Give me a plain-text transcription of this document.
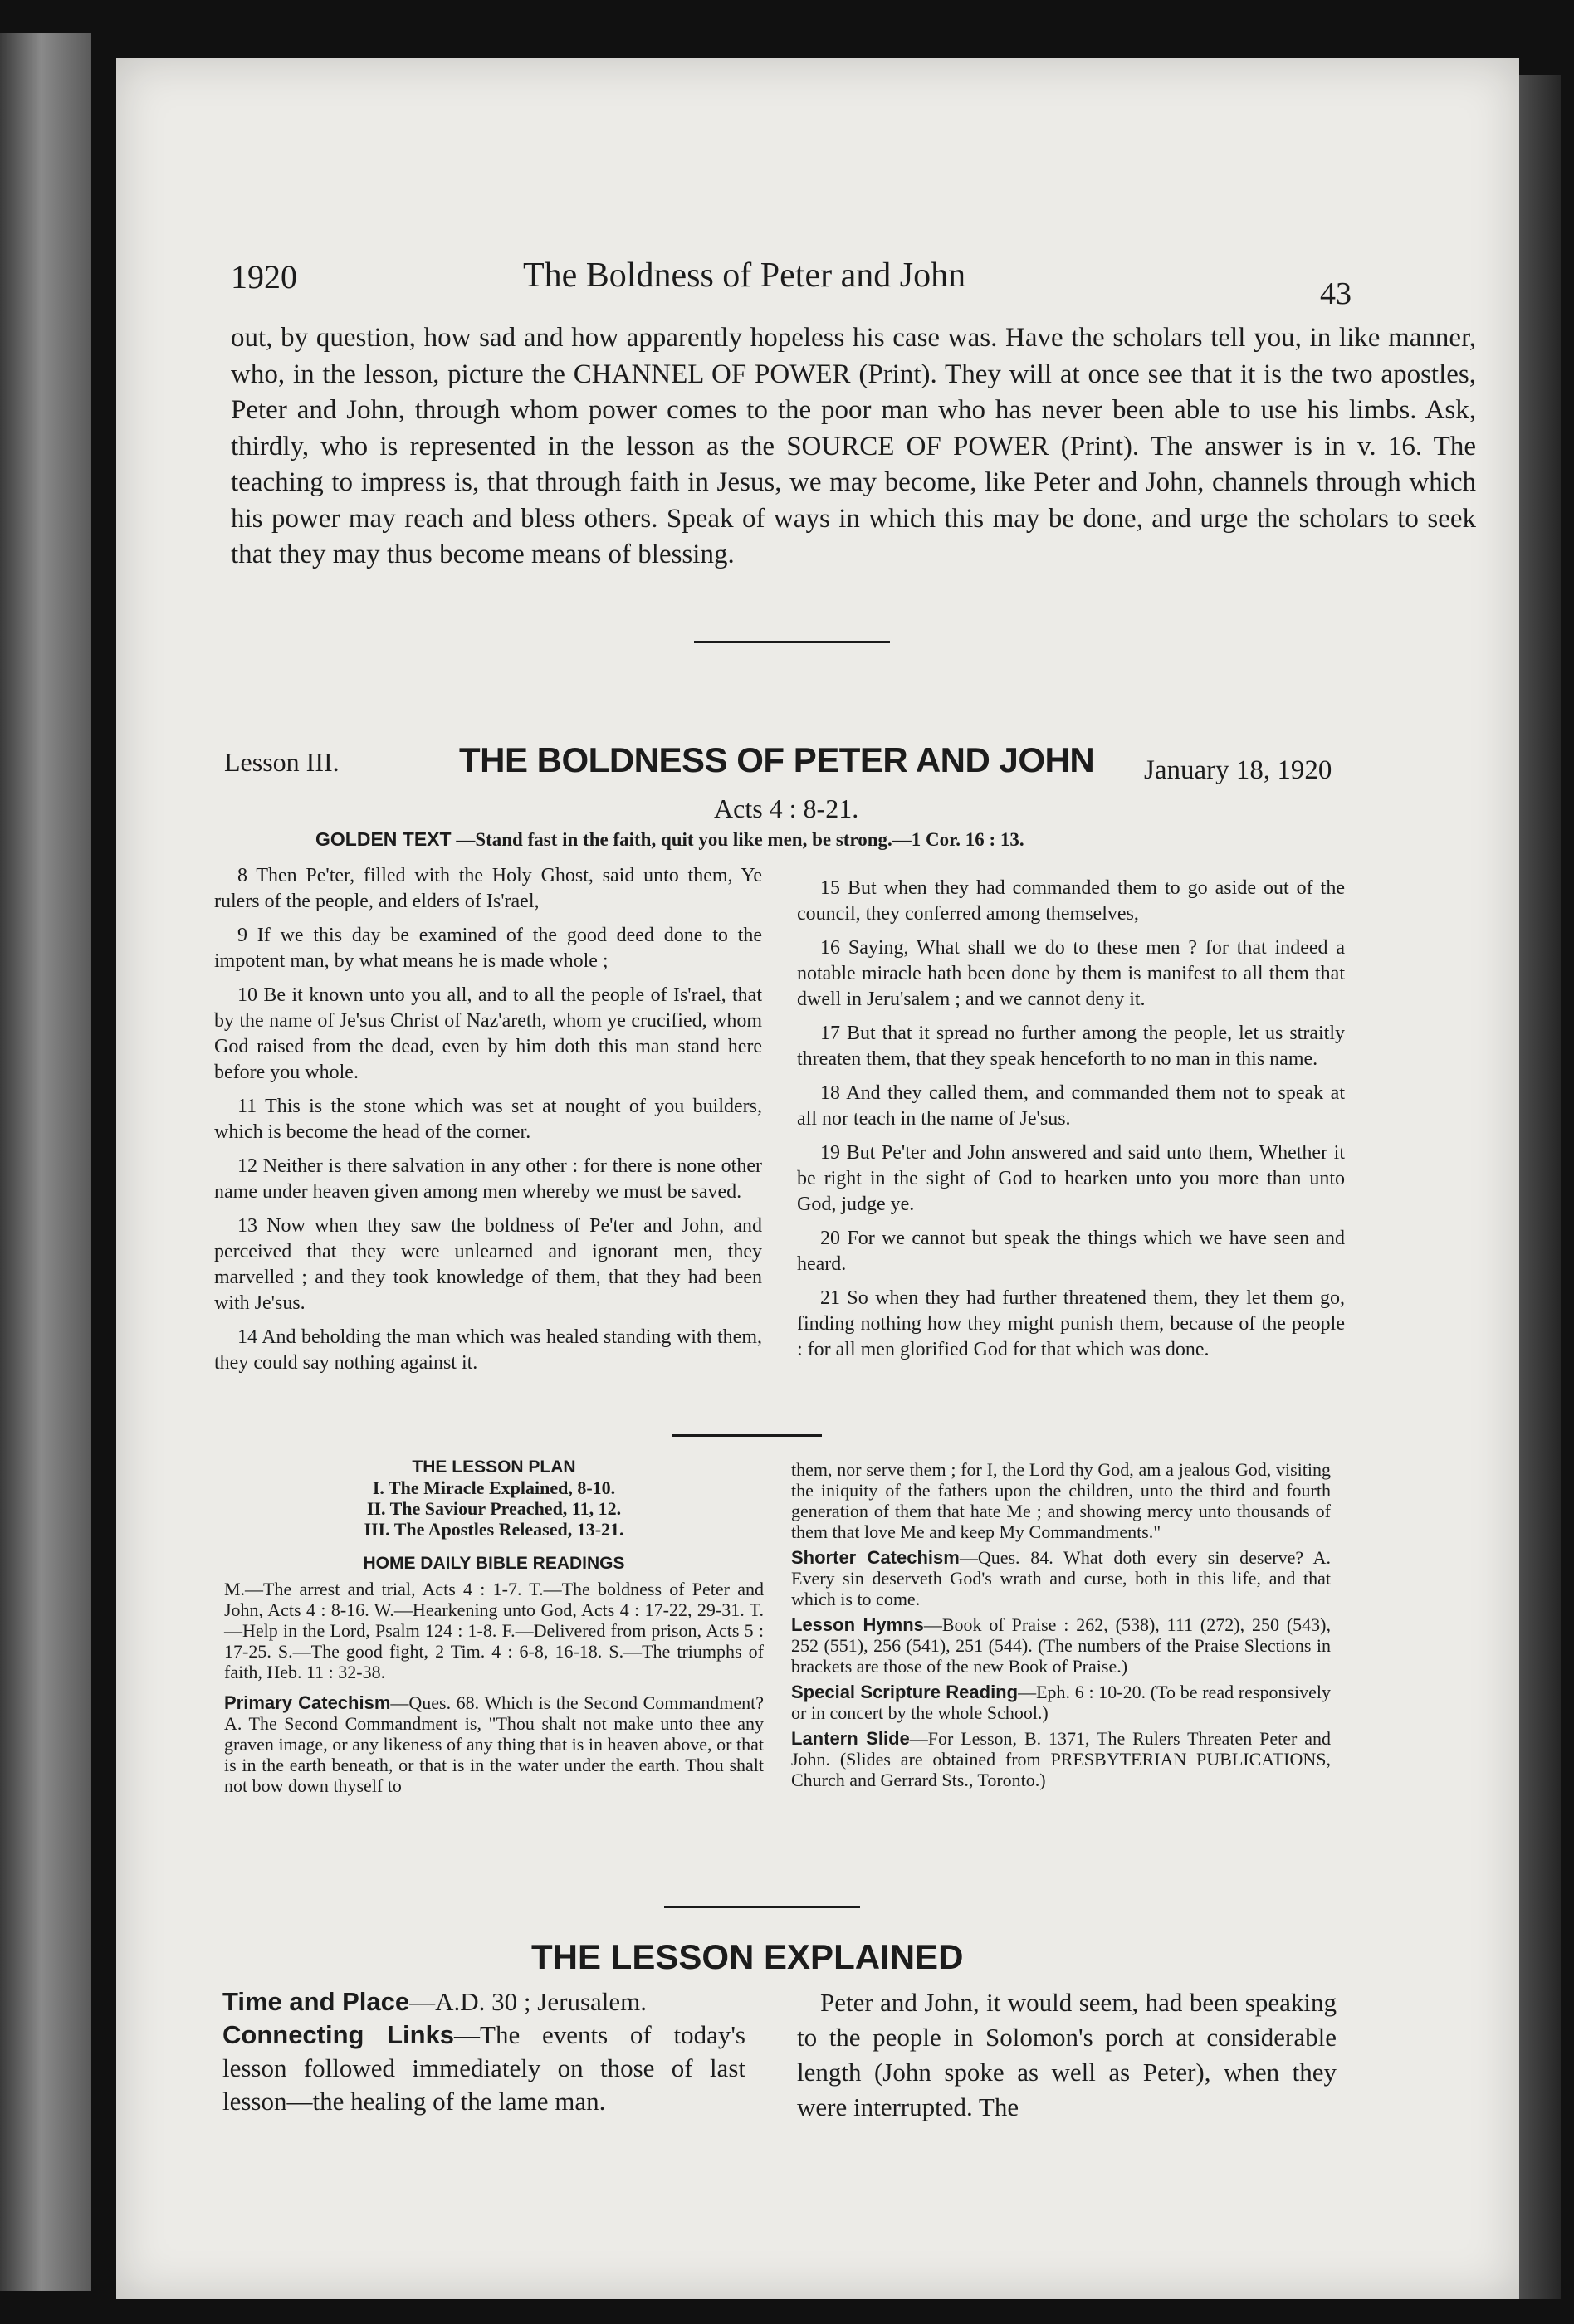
1920	The Boldness of Peter and John	43
out, by question, how sad and how apparently hopeless his case was. Have the scholars tell you, in like manner, who, in the lesson, picture the CHANNEL OF POWER (Print). They will at once see that it is the two apostles, Peter and John, through whom power comes to the poor man who has never been able to use his limbs. Ask, thirdly, who is represented in the lesson as the SOURCE OF POWER (Print). The answer is in v. 16. The teaching to impress is, that through faith in Jesus, we may become, like Peter and John, channels through which his power may reach and bless others. Speak of ways in which this may be done, and urge the scholars to seek that they may thus become means of blessing.
Lesson III.	THE BOLDNESS OF PETER AND JOHN January 18, 1920
Acts 4 : 8-21.
GOLDEN TEXT —Stand fast in the faith, quit you like men, be strong.—1 Cor. 16 : 13.

8 Then Pe'ter, filled with the Holy Ghost, said unto them, Ye rulers of the people, and elders of Is'rael,

9 If we this day be examined of the good deed done to the impotent man, by what means he is made whole ;

10 Be it known unto you all, and to all the people of Is'rael, that by the name of Je'sus Christ of Naz'areth, whom ye crucified, whom God raised from the dead, even by him doth this man stand here before you whole.

11 This is the stone which was set at nought of you builders, which is become the head of the corner.

12 Neither is there salvation in any other : for there is none other name under heaven given among men whereby we must be saved.

13 Now when they saw the boldness of Pe'ter and John, and perceived that they were unlearned and ignorant men, they marvelled ; and they took knowledge of them, that they had been with Je'sus.

14 And beholding the man which was healed standing with them, they could say nothing against it.

15 But when they had commanded them to go aside out of the council, they conferred among themselves,

16 Saying, What shall we do to these men ? for that indeed a notable miracle hath been done by them is manifest to all them that dwell in Jeru'salem ; and we cannot deny it.

17 But that it spread no further among the people, let us straitly threaten them, that they speak henceforth to no man in this name.

18 And they called them, and commanded them not to speak at all nor teach in the name of Je'sus.

19 But Pe'ter and John answered and said unto them, Whether it be right in the sight of God to hearken unto you more than unto God, judge ye.

20 For we cannot but speak the things which we have seen and heard.

21 So when they had further threatened them, they let them go, finding nothing how they might punish them, because of the people : for all men glorified God for that which was done.

THE LESSON PLAN
I. The Miracle Explained, 8-10.
II. The Saviour Preached, 11, 12.
III. The Apostles Released, 13-21.
HOME DAILY BIBLE READINGS
M.—The arrest and trial, Acts 4 : 1-7. T.—The boldness of Peter and John, Acts 4 : 8-16. W.—Hearkening unto God, Acts 4 : 17-22, 29-31. T.—Help in the Lord, Psalm 124 : 1-8. F.—Delivered from prison, Acts 5 : 17-25. S.—The good fight, 2 Tim. 4 : 6-8, 16-18. S.—The triumphs of faith, Heb. 11 : 32-38.
Primary Catechism—Ques. 68. Which is the Second Commandment? A. The Second Commandment is, "Thou shalt not make unto thee any graven image, or any likeness of any thing that is in heaven above, or that is in the earth beneath, or that is in the water under the earth. Thou shalt not bow down thyself to

them, nor serve them ; for I, the Lord thy God, am a jealous God, visiting the iniquity of the fathers upon the children, unto the third and fourth generation of them that hate Me ; and showing mercy unto thousands of them that love Me and keep My Commandments."

Shorter Catechism—Ques. 84. What doth every sin deserve? A. Every sin deserveth God's wrath and curse, both in this life, and that which is to come.

Lesson Hymns—Book of Praise : 262, (538), 111 (272), 250 (543), 252 (551), 256 (541), 251 (544). (The numbers of the Praise Slections in brackets are those of the new Book of Praise.)

Special Scripture Reading—Eph. 6 : 10-20. (To be read responsively or in concert by the whole School.)

Lantern Slide—For Lesson, B. 1371, The Rulers Threaten Peter and John. (Slides are obtained from PRESBYTERIAN PUBLICATIONS, Church and Gerrard Sts., Toronto.)

THE LESSON EXPLAINED
Time and Place—A.D. 30 ; Jerusalem.
Connecting Links—The events of today's lesson followed immediately on those of last lesson—the healing of the lame man.
Peter and John, it would seem, had been speaking to the people in Solomon's porch at considerable length (John spoke as well as Peter), when they were interrupted. The
